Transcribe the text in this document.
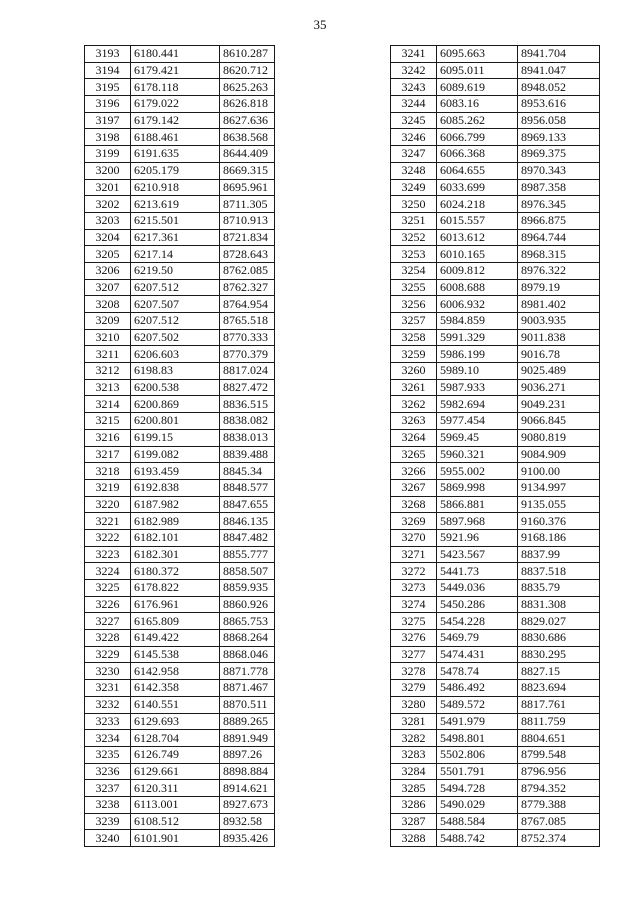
35
3193	6180.441	8610.287
3194	6179.421	8620.712
3195	6178.118	8625.263
3196	6179.022	8626.818
3197	6179.142	8627.636
3198	6188.461	8638.568
3199	6191.635	8644.409
3200	6205.179	8669.315
3201	6210.918	8695.961
3202	6213.619	8711.305
3203	6215.501	8710.913
3204	6217.361	8721.834
3205	6217.14	8728.643
3206	6219.50	8762.085
3207	6207.512	8762.327
3208	6207.507	8764.954
3209	6207.512	8765.518
3210	6207.502	8770.333
3211	6206.603	8770.379
3212	6198.83	8817.024
3213	6200.538	8827.472
3214	6200.869	8836.515
3215	6200.801	8838.082
3216	6199.15	8838.013
3217	6199.082	8839.488
3218	6193.459	8845.34
3219	6192.838	8848.577
3220	6187.982	8847.655
3221	6182.989	8846.135
3222	6182.101	8847.482
3223	6182.301	8855.777
3224	6180.372	8858.507
3225	6178.822	8859.935
3226	6176.961	8860.926
3227	6165.809	8865.753
3228	6149.422	8868.264
3229	6145.538	8868.046
3230	6142.958	8871.778
3231	6142.358	8871.467
3232	6140.551	8870.511
3233	6129.693	8889.265
3234	6128.704	8891.949
3235	6126.749	8897.26
3236	6129.661	8898.884
3237	6120.311	8914.621
3238	6113.001	8927.673
3239	6108.512	8932.58
3240	6101.901	8935.426
3241	6095.663	8941.704
3242	6095.011	8941.047
3243	6089.619	8948.052
3244	6083.16	8953.616
3245	6085.262	8956.058
3246	6066.799	8969.133
3247	6066.368	8969.375
3248	6064.655	8970.343
3249	6033.699	8987.358
3250	6024.218	8976.345
3251	6015.557	8966.875
3252	6013.612	8964.744
3253	6010.165	8968.315
3254	6009.812	8976.322
3255	6008.688	8979.19
3256	6006.932	8981.402
3257	5984.859	9003.935
3258	5991.329	9011.838
3259	5986.199	9016.78
3260	5989.10	9025.489
3261	5987.933	9036.271
3262	5982.694	9049.231
3263	5977.454	9066.845
3264	5969.45	9080.819
3265	5960.321	9084.909
3266	5955.002	9100.00
3267	5869.998	9134.997
3268	5866.881	9135.055
3269	5897.968	9160.376
3270	5921.96	9168.186
3271	5423.567	8837.99
3272	5441.73	8837.518
3273	5449.036	8835.79
3274	5450.286	8831.308
3275	5454.228	8829.027
3276	5469.79	8830.686
3277	5474.431	8830.295
3278	5478.74	8827.15
3279	5486.492	8823.694
3280	5489.572	8817.761
3281	5491.979	8811.759
3282	5498.801	8804.651
3283	5502.806	8799.548
3284	5501.791	8796.956
3285	5494.728	8794.352
3286	5490.029	8779.388
3287	5488.584	8767.085
3288	5488.742	8752.374
